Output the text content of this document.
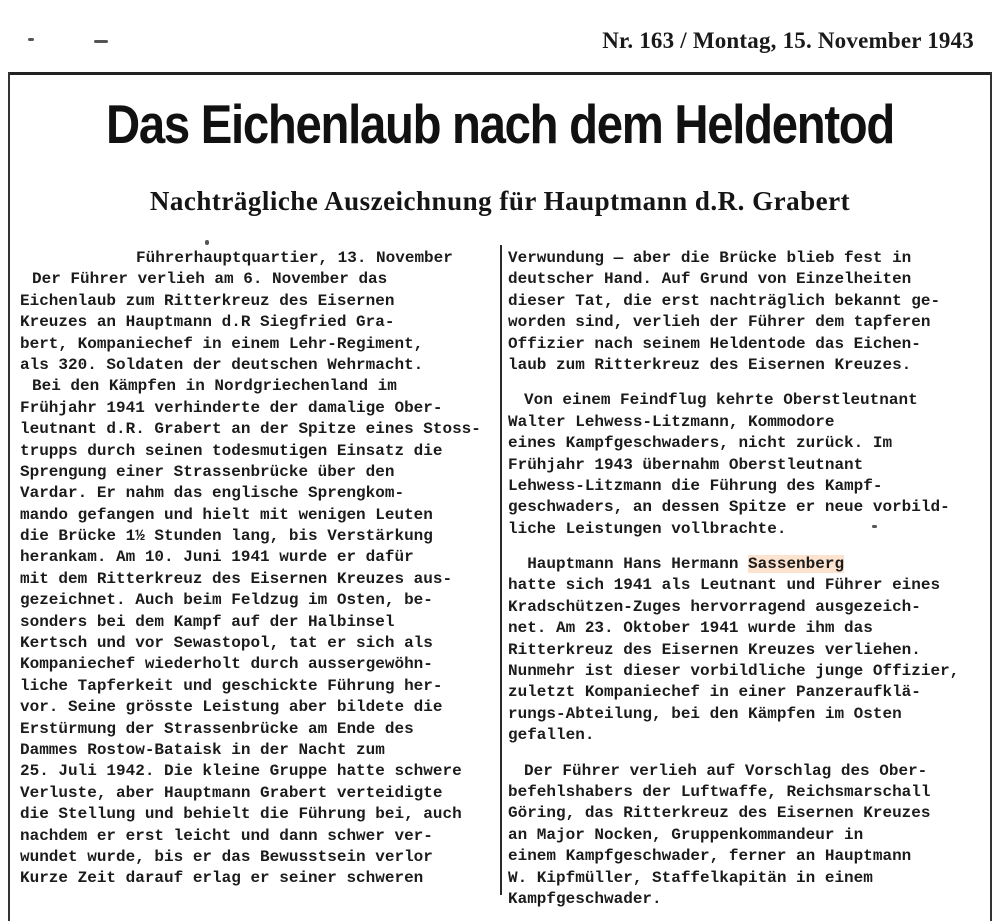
Nr. 163 / Montag, 15. November 1943
Das Eichenlaub nach dem Heldentod
Nachträgliche Auszeichnung für Hauptmann d.R. Grabert
Führerhauptquartier, 13. November
Der Führer verlieh am 6. November das
Eichenlaub zum Ritterkreuz des Eisernen
Kreuzes an Hauptmann d.R Siegfried Gra-
bert, Kompaniechef in einem Lehr-Regiment,
als 320. Soldaten der deutschen Wehrmacht.
Bei den Kämpfen in Nordgriechenland im
Frühjahr 1941 verhinderte der damalige Ober-
leutnant d.R. Grabert an der Spitze eines Stoss-
trupps durch seinen todesmutigen Einsatz die
Sprengung einer Strassenbrücke über den
Vardar. Er nahm das englische Sprengkom-
mando gefangen und hielt mit wenigen Leuten
die Brücke 1½ Stunden lang, bis Verstärkung
herankam. Am 10. Juni 1941 wurde er dafür
mit dem Ritterkreuz des Eisernen Kreuzes aus-
gezeichnet. Auch beim Feldzug im Osten, be-
sonders bei dem Kampf auf der Halbinsel
Kertsch und vor Sewastopol, tat er sich als
Kompaniechef wiederholt durch aussergewöhn-
liche Tapferkeit und geschickte Führung her-
vor. Seine grösste Leistung aber bildete die
Erstürmung der Strassenbrücke am Ende des
Dammes Rostow-Bataisk in der Nacht zum
25. Juli 1942. Die kleine Gruppe hatte schwere
Verluste, aber Hauptmann Grabert verteidigte
die Stellung und behielt die Führung bei, auch
nachdem er erst leicht und dann schwer ver-
wundet wurde, bis er das Bewusstsein verlor
Kurze Zeit darauf erlag er seiner schweren
Verwundung — aber die Brücke blieb fest in
deutscher Hand. Auf Grund von Einzelheiten
dieser Tat, die erst nachträglich bekannt ge-
worden sind, verlieh der Führer dem tapferen
Offizier nach seinem Heldentode das Eichen-
laub zum Ritterkreuz des Eisernen Kreuzes.
Von einem Feindflug kehrte Oberstleutnant
Walter Lehwess-Litzmann, Kommodore
eines Kampfgeschwaders, nicht zurück. Im
Frühjahr 1943 übernahm Oberstleutnant
Lehwess-Litzmann die Führung des Kampf-
geschwaders, an dessen Spitze er neue vorbild-
liche Leistungen vollbrachte.
Hauptmann Hans Hermann Sassenberg
hatte sich 1941 als Leutnant und Führer eines
Kradschützen-Zuges hervorragend ausgezeich-
net. Am 23. Oktober 1941 wurde ihm das
Ritterkreuz des Eisernen Kreuzes verliehen.
Nunmehr ist dieser vorbildliche junge Offizier,
zuletzt Kompaniechef in einer Panzeraufklä-
rungs-Abteilung, bei den Kämpfen im Osten
gefallen.
Der Führer verlieh auf Vorschlag des Ober-
befehlshabers der Luftwaffe, Reichsmarschall
Göring, das Ritterkreuz des Eisernen Kreuzes
an Major Nocken, Gruppenkommandeur in
einem Kampfgeschwader, ferner an Hauptmann
W. Kipfmüller, Staffelkapitän in einem
Kampfgeschwader.
